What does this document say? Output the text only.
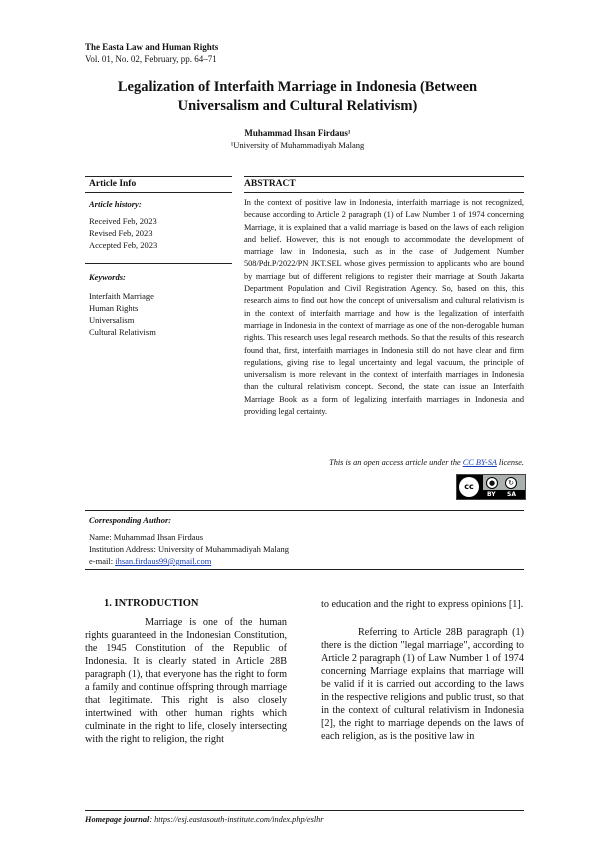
The Easta Law and Human Rights
Vol. 01, No. 02, February, pp. 64–71
Legalization of Interfaith Marriage in Indonesia (Between
Universalism and Cultural Relativism)
Muhammad Ihsan Firdaus¹
¹University of Muhammadiyah Malang
Article Info	ABSTRACT
Article history:
Received Feb, 2023
Revised Feb, 2023
Accepted Feb, 2023
Keywords:
Interfaith Marriage
Human Rights
Universalism
Cultural Relativism
In the context of positive law in Indonesia, interfaith marriage is not recognized, because according to Article 2 paragraph (1) of Law Number 1 of 1974 concerning Marriage, it is explained that a valid marriage is based on the laws of each religion and belief. However, this is not enough to accommodate the development of marriage law in Indonesia, such as in the case of Judgement Number 508/Pdt.P/2022/PN JKT.SEL whose gives permission to applicants who are bound by marriage but of different religions to register their marriage at South Jakarta Department Population and Civil Registration Agency. So, based on this, this research aims to find out how the concept of universalism and cultural relativism is in the context of interfaith marriage and how is the legalization of interfaith marriage in Indonesia in the context of marriage as one of the non-derogable human rights. This research uses legal research methods. So that the results of this research found that, first, interfaith marriages in Indonesia still do not have clear and firm regulations, giving rise to legal uncertainty and legal vacuum, the principle of universalism is more relevant in the context of interfaith marriages in Indonesia than the cultural relativism concept. Second, the state can issue an Interfaith Marriage Book as a form of legalizing interfaith marriages in Indonesia and providing legal certainty.
This is an open access article under the CC BY-SA license.
cc	●	↻
BY SA
Corresponding Author:
Name: Muhammad Ihsan Firdaus
Institution Address: University of Muhammadiyah Malang
e-mail: ihsan.firdaus99@gmail.com
1. INTRODUCTION
Marriage is one of the human rights guaranteed in the Indonesian Constitution, the 1945 Constitution of the Republic of Indonesia. It is clearly stated in Article 28B paragraph (1), that everyone has the right to form a family and continue offspring through marriage that legitimate. This right is also closely intertwined with other human rights which culminate in the right to life, closely intersecting with the right to religion, the right
to education and the right to express opinions [1].
Referring to Article 28B paragraph (1) there is the diction "legal marriage", according to Article 2 paragraph (1) of Law Number 1 of 1974 concerning Marriage explains that marriage will be valid if it is carried out according to the laws in the respective religions and public trust, so that in the context of cultural relativism in Indonesia [2], the right to marriage depends on the laws of each religion, as is the positive law in
Homepage journal: https://esj.eastasouth-institute.com/index.php/eslhr
